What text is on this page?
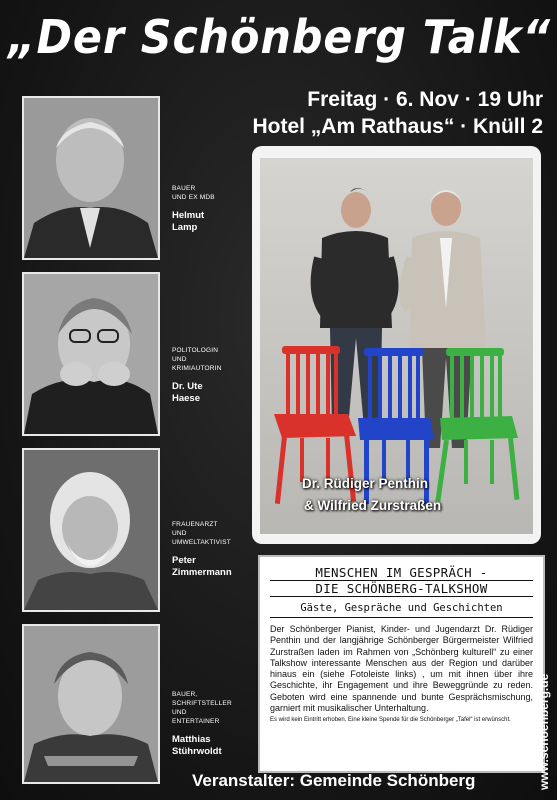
„Der Schönberg Talk“
Freitag · 6. Nov · 19 Uhr
Hotel „Am Rathaus“ · Knüll 2
BAUER
UND EX MDB
Helmut
Lamp
POLITOLOGIN
UND
KRIMIAUTORIN
Dr. Ute
Haese
FRAUENARZT
UND
UMWELTAKTIVIST
Peter
Zimmermann
BAUER,
SCHRIFTSTELLER
UND
ENTERTAINER
Matthias
Stührwoldt
Dr. Rüdiger Penthin
& Wilfried Zurstraßen
MENSCHEN IM GESPRÄCH -
DIE SCHÖNBERG-TALKSHOW
Gäste, Gespräche und Geschichten
Der Schönberger Pianist, Kinder- und Jugendarzt Dr. Rüdiger Penthin und der langjährige Schönberger Bürgermeister Wilfried Zurstraßen laden im Rahmen von „Schönberg kulturell“ zu einer Talkshow interessante Menschen aus der Region und darüber hinaus ein (siehe Fotoleiste links) , um mit ihnen über ihre Geschichte, ihr Engagement und ihre Beweggründe zu reden. Geboten wird eine spannende und bunte Gesprächsmischung, garniert mit musikalischer Unterhaltung.
Es wird kein Eintritt erhoben. Eine kleine Spende für die Schönberger „Tafel“ ist erwünscht.
Veranstalter: Gemeinde Schönberg	www.schoenberg.de
